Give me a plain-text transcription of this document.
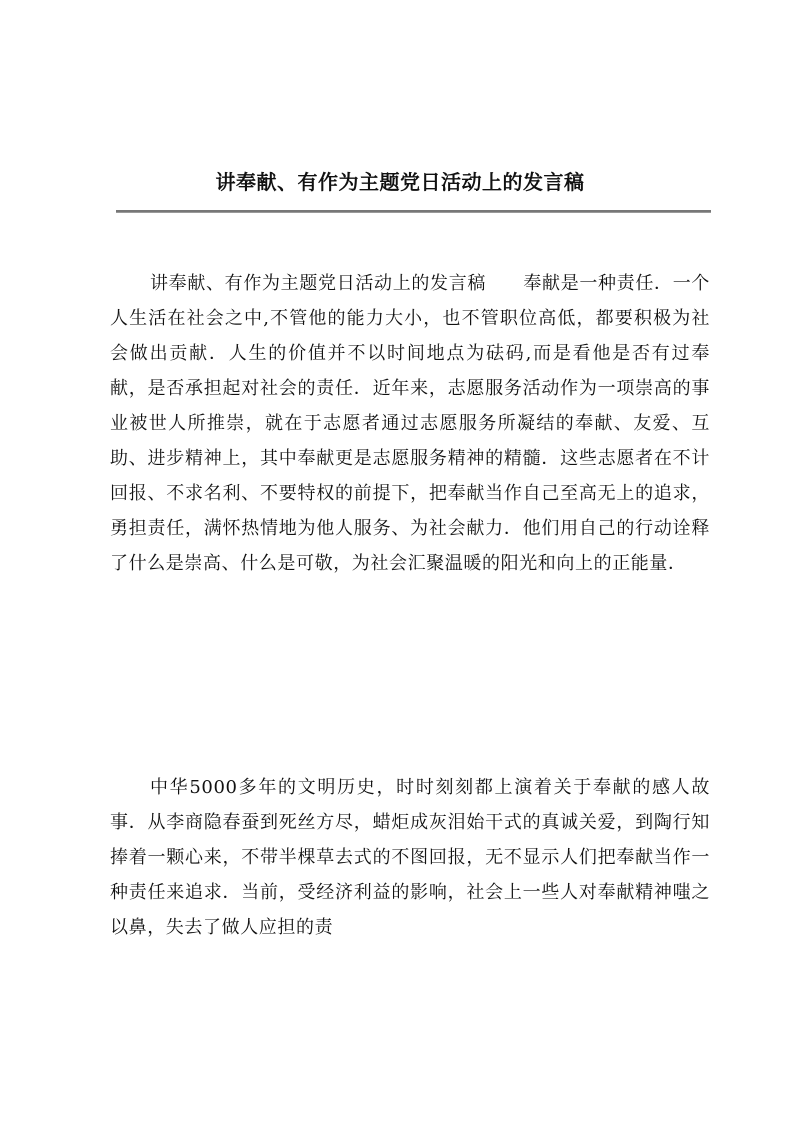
讲奉献、有作为主题党日活动上的发言稿

讲奉献、有作为主题党日活动上的发言稿　　奉献是一种责任．一个人生活在社会之中,不管他的能力大小，也不管职位高低，都要积极为社会做出贡献．人生的价值并不以时间地点为砝码,而是看他是否有过奉献，是否承担起对社会的责任．近年来，志愿服务活动作为一项崇高的事业被世人所推崇，就在于志愿者通过志愿服务所凝结的奉献、友爱、互助、进步精神上，其中奉献更是志愿服务精神的精髓．这些志愿者在不计回报、不求名利、不要特权的前提下，把奉献当作自己至高无上的追求，勇担责任，满怀热情地为他人服务、为社会献力．他们用自己的行动诠释了什么是崇高、什么是可敬，为社会汇聚温暖的阳光和向上的正能量．

中华5000多年的文明历史，时时刻刻都上演着关于奉献的感人故事．从李商隐春蚕到死丝方尽，蜡炬成灰泪始干式的真诚关爱，到陶行知捧着一颗心来，不带半棵草去式的不图回报，无不显示人们把奉献当作一种责任来追求．当前，受经济利益的影响，社会上一些人对奉献精神嗤之以鼻，失去了做人应担的责
